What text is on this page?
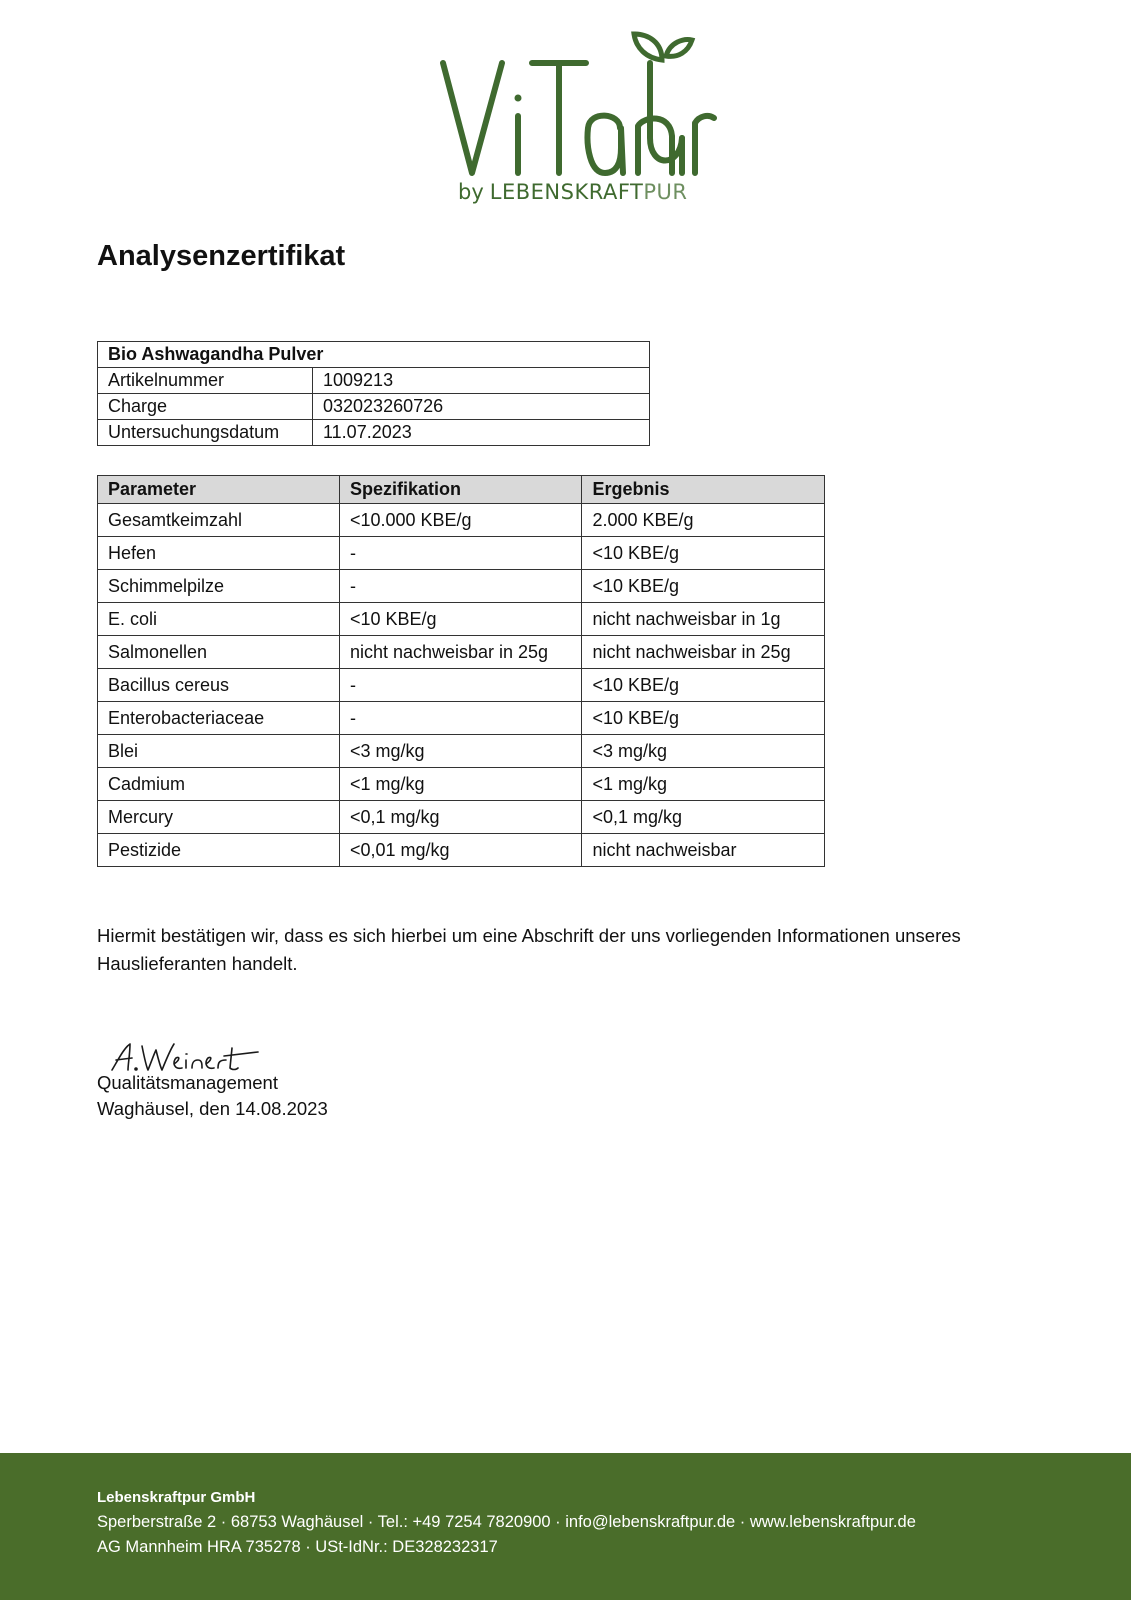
by LEBENSKRAFTPUR
Analysenzertifikat
Bio Ashwagandha Pulver	
Artikelnummer	1009213
Charge	032023260726
Untersuchungsdatum	11.07.2023
Parameter	Spezifikation	Ergebnis
Gesamtkeimzahl	<10.000 KBE/g	2.000 KBE/g
Hefen	-	<10 KBE/g
Schimmelpilze	-	<10 KBE/g
E. coli	<10 KBE/g	nicht nachweisbar in 1g
Salmonellen	nicht nachweisbar in 25g	nicht nachweisbar in 25g
Bacillus cereus	-	<10 KBE/g
Enterobacteriaceae	-	<10 KBE/g
Blei	<3 mg/kg	<3 mg/kg
Cadmium	<1 mg/kg	<1 mg/kg
Mercury	<0,1 mg/kg	<0,1 mg/kg
Pestizide	<0,01 mg/kg	nicht nachweisbar

Hiermit bestätigen wir, dass es sich hierbei um eine Abschrift der uns vorliegenden Informationen unseres Hauslieferanten handelt.

Qualitätsmanagement
Waghäusel, den 14.08.2023
Lebenskraftpur GmbH
Sperberstraße 2 · 68753 Waghäusel · Tel.: +49 7254 7820900 · info@lebenskraftpur.de · www.lebenskraftpur.de
AG Mannheim HRA 735278 · USt-IdNr.: DE328232317
